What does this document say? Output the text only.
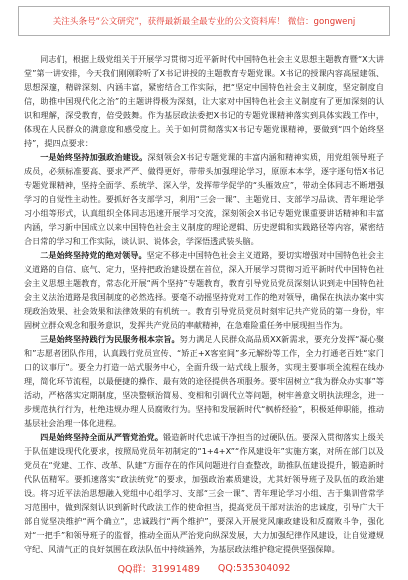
关注头条号“公文研究”，获得最新最全最专业的公文资料库！ 微信：gongwenj

同志们，根据上级党组关于开展学习贯彻习近平新时代中国特色社会主义思想主题教育暨“X大讲堂”第一讲安排，今天我们刚刚聆听了X书记讲授的主题教育专题党课。X书记的授课内容高屋建瓴、思想深邃，精辟深刻、内涵丰富，紧密结合工作实际，把“坚定中国特色社会主义制度，坚定制度自信，助推中国现代化之治”的主题讲得极为深刻，让大家对中国特色社会主义制度有了更加深刻的认识和理解，深受教育，倍受鼓舞。作为基层政法委把X书记的专题党课精神落实到具体实践工作中，体现在人民群众的满意度和感受度上。关于如何贯彻落实X书记专题党课精神，要做到“四个始终坚持”，提四点要求：

一是始终坚持加强政治建设。深刻领会X书记专题党课的丰富内涵和精神实质，用党组领导班子成员，必须标准要高、要求严严、做得更好，带带头加强理论学习，原原本本学，逐字逐句悟X书记专题党课精神，坚持全面学、系统学、深入学，发挥带学促学的“头雁效应”，带动全体同志不断增强学习的自觉性主动性。要抓好各支部学习，利用“三会一课”、主题党日、支部学习品读、青年理论学习小组等形式，认真组织全体同志迅速开展学习交流，深刻领会X书记专题党课重要讲话精神和丰富内涵，学习新中国成立以来中国特色社会主义制度的理论逻辑、历史逻辑和实践路径等内容，紧密结合日常的学习和工作实际，谈认识、说体会，学深悟透武装头脑。

二是始终坚持党的绝对领导。坚定不移走中国特色社会主义道路，要切实增强对中国特色社会主义道路的自信、底气、定力，坚持把政治建设摆在首位，深入开展学习贯彻习近平新时代中国特色社会主义思想主题教育，常态化开展“两个坚持”专题教育，教育引导党员党员深刻认识到走中国特色社会主义法治道路是我国制度的必然选择。要毫不动摇坚持党对工作的绝对领导，确保在执法办案中实现政治效果、社会效果和法律效果的有机统一。教育引导党员党员时刻牢记共产党员的第一身份，牢固树立群众观念和服务意识，发挥共产党员的率献精神，在急难险重任务中展现担当作为。

三是始终坚持践行为民服务根本宗旨。努力满足人民群众高品质XX新需求，要充分发挥“凝心聚和”志愿者团队作用，认真践行党员宣传、“矫正+X客室间”多元解纷等工作，全力打通老百姓“家门口的议事厅”。要全力打造一站式服务中心，全面升级一站式线上服务，实现主要事项全流程在线办理，简化环节流程，以最便捷的操作、最有效的途径提供各项服务。要牢固树立“我为群众办实事”等活动，严格落实定期制度，坚决整顿治简易、变相和引调代立等问题，树牢善意文明执法理念，进一步规范执行行为，杜绝违规办理人员腐败行为。坚持和发展新时代“枫桥经验”，积极延伸职能，推动基层社会治理一体化进程。

四是始终坚持全面从严管党治党。锻造新时代忠诚干净担当的过硬队伍。要深入贯彻落实上级关于队伍建设现代化要求，按照局党员年初制定的“1+4+X”“作风建设年”实施方案，对所在部门以及党员在“党建、工作、改革、队建”方面存在的作风问题进行自查整改，助推队伍建设提升，锻造新时代队伍精军。要抓速落实“政法统党”的要求，加强政治素质建设，尤其好领导班子及队伍的政治建设。将习近平法治思想融入党组中心组学习、支部“三会一课”、青年理论学习小组、吉于集训营常学习范围中，做到深刻认识到新时代政法工作的使命担当，提高党员干部对法治的忠诚度，引导广大干部自觉坚决维护“两个确立”，忠诚践行“两个维护”，要深入开展党风廉政建设和反腐败斗争，强化对“一把手”和领导班子的监督，推动全面从严治党向纵深发展，大力加强纪律作风建设，让自觉遵规守纪、风清气正的良好氛围在政法队伍中持续涵养，为基层政法维护稳定提供坚强保障。

QQ群：31991489 QQ:535304092
